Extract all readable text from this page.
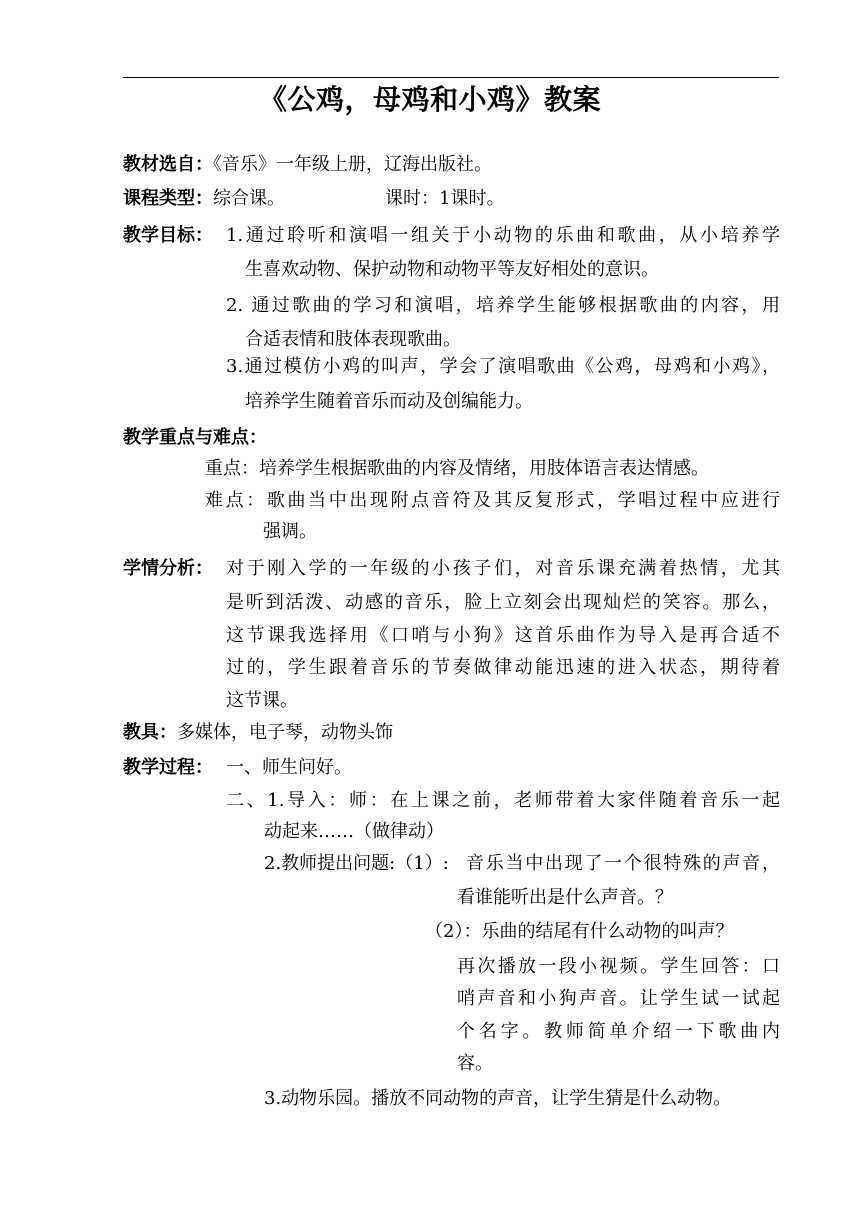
《公鸡，母鸡和小鸡》教案
教材选自：《音乐》一年级上册，辽海出版社。
课程类型：综合课。	课时：1课时。
教学目标： 1.通过聆听和演唱一组关于小动物的乐曲和歌曲，从小培养学
生喜欢动物、保护动物和动物平等友好相处的意识。
2. 通过歌曲的学习和演唱，培养学生能够根据歌曲的内容，用
合适表情和肢体表现歌曲。
3.通过模仿小鸡的叫声，学会了演唱歌曲《公鸡，母鸡和小鸡》，
培养学生随着音乐而动及创编能力。
教学重点与难点：
重点：培养学生根据歌曲的内容及情绪，用肢体语言表达情感。
难点：歌曲当中出现附点音符及其反复形式，学唱过程中应进行
强调。
学情分析： 对于刚入学的一年级的小孩子们，对音乐课充满着热情，尤其
是听到活泼、动感的音乐，脸上立刻会出现灿烂的笑容。那么，
这节课我选择用《口哨与小狗》这首乐曲作为导入是再合适不
过的，学生跟着音乐的节奏做律动能迅速的进入状态，期待着
这节课。
教具：多媒体，电子琴，动物头饰
教学过程： 一、师生问好。
二、1.导入：师：在上课之前，老师带着大家伴随着音乐一起
动起来……（做律动）
2.教师提出问题:（1）: 音乐当中出现了一个很特殊的声音，
看谁能听出是什么声音。？
（2）：乐曲的结尾有什么动物的叫声？
再次播放一段小视频。学生回答：口
哨声音和小狗声音。让学生试一试起
个名字。教师简单介绍一下歌曲内
容。
3.动物乐园。播放不同动物的声音，让学生猜是什么动物。
